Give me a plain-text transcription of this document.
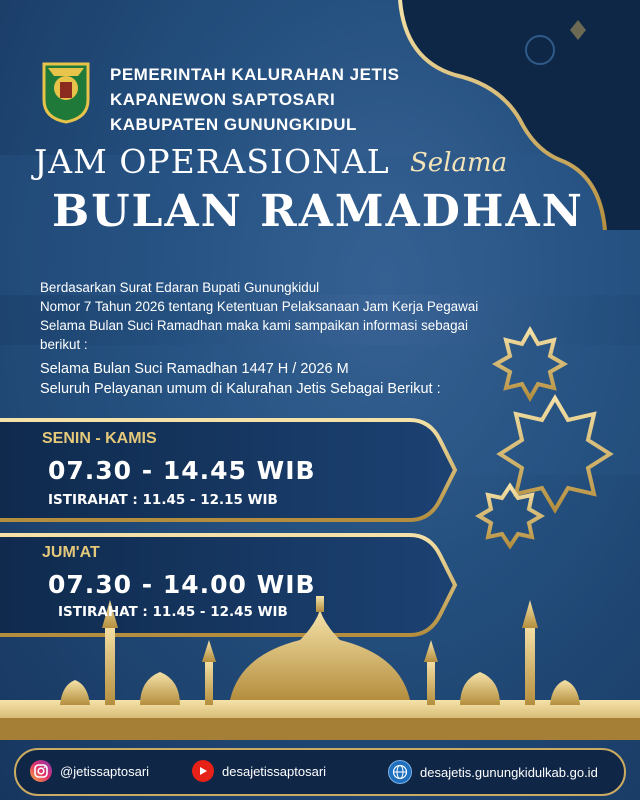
PEMERINTAH KALURAHAN JETIS
KAPANEWON SAPTOSARI
KABUPATEN GUNUNGKIDUL
JAM OPERASIONAL Selama
BULAN RAMADHAN

Berdasarkan Surat Edaran Bupati Gunungkidul

Nomor 7 Tahun 2026 tentang Ketentuan Pelaksanaan Jam Kerja Pegawai

Selama Bulan Suci Ramadhan maka kami sampaikan informasi sebagai

berikut :

Selama Bulan Suci Ramadhan 1447 H / 2026 M

Seluruh Pelayanan umum di Kalurahan Jetis Sebagai Berikut :

SENIN - KAMIS
07.30 - 14.45 WIB
ISTIRAHAT : 11.45 - 12.15 WIB
JUM'AT
07.30 - 14.00 WIB
ISTIRAHAT : 11.45 - 12.45 WIB
@jetissaptosari	desajetissaptosari	desajetis.gunungkidulkab.go.id
